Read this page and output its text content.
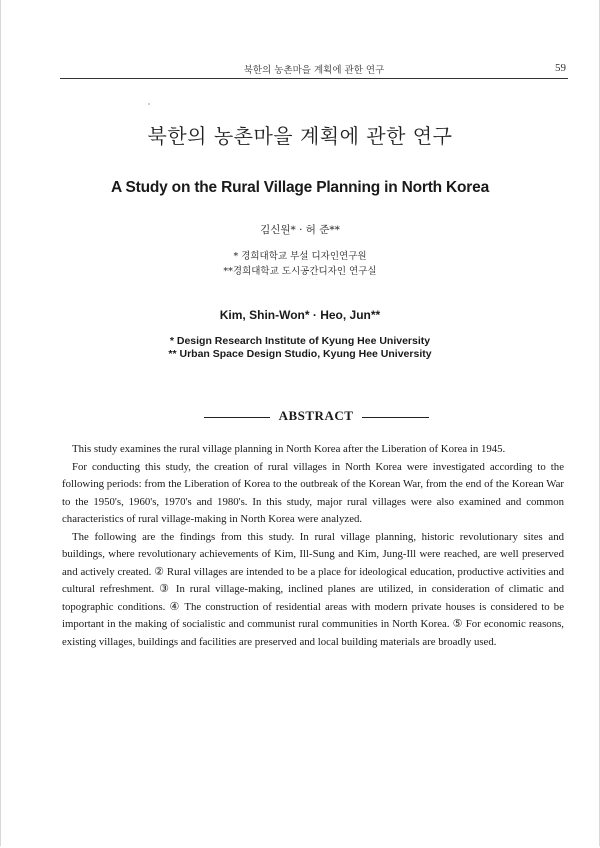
북한의 농촌마을 계획에 관한 연구	59
북한의 농촌마을 계획에 관한 연구
A Study on the Rural Village Planning in North Korea
김신원* · 허 준**
* 경희대학교 부설 디자인연구원
**경희대학교 도시공간디자인 연구실
Kim, Shin-Won* · Heo, Jun**
* Design Research Institute of Kyung Hee University
** Urban Space Design Studio, Kyung Hee University
ABSTRACT

This study examines the rural village planning in North Korea after the Liberation of Korea in 1945.

For conducting this study, the creation of rural villages in North Korea were investigated according to the following periods: from the Liberation of Korea to the outbreak of the Korean War, from the end of the Korean War to the 1950's, 1960's, 1970's and 1980's. In this study, major rural villages were also examined and common characteristics of rural village-making in North Korea were analyzed.

The following are the findings from this study. In rural village planning, historic revolutionary sites and buildings, where revolutionary achievements of Kim, Ill-Sung and Kim, Jung-Ill were reached, are well preserved and actively created. ② Rural villages are intended to be a place for ideological education, productive activities and cultural refreshment. ③ In rural village-making, inclined planes are utilized, in consideration of climatic and topographic conditions. ④ The construction of residential areas with modern private houses is considered to be important in the making of socialistic and communist rural communities in North Korea. ⑤ For economic reasons, existing villages, buildings and facilities are preserved and local building materials are broadly used.
